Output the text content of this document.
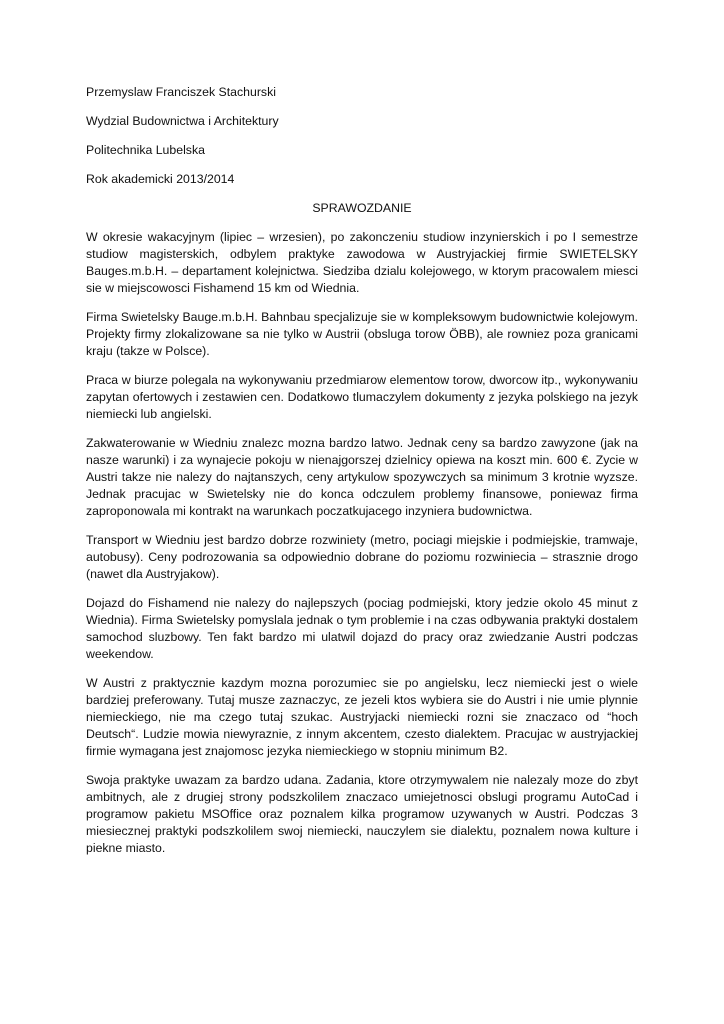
Przemyslaw Franciszek Stachurski

Wydzial Budownictwa i Architektury

Politechnika Lubelska

Rok akademicki 2013/2014

SPRAWOZDANIE

W okresie wakacyjnym (lipiec – wrzesien), po zakonczeniu studiow inzynierskich i po I semestrze studiow magisterskich, odbylem praktyke zawodowa w Austryjackiej firmie SWIETELSKY Bauges.m.b.H. – departament kolejnictwa. Siedziba dzialu kolejowego, w ktorym pracowalem miesci sie w miejscowosci Fishamend 15 km od Wiednia.

Firma Swietelsky Bauge.m.b.H. Bahnbau specjalizuje sie w kompleksowym budownictwie kolejowym. Projekty firmy zlokalizowane sa nie tylko w Austrii (obsluga torow ÖBB), ale rowniez poza granicami kraju (takze w Polsce).

Praca w biurze polegala na wykonywaniu przedmiarow elementow torow, dworcow itp., wykonywaniu zapytan ofertowych i zestawien cen. Dodatkowo tlumaczylem dokumenty z jezyka polskiego na jezyk niemiecki lub angielski.

Zakwaterowanie w Wiedniu znalezc mozna bardzo latwo. Jednak ceny sa bardzo zawyzone (jak na nasze warunki) i za wynajecie pokoju w nienajgorszej dzielnicy opiewa na koszt min. 600 €. Zycie w Austri takze nie nalezy do najtanszych, ceny artykulow spozywczych sa minimum 3 krotnie wyzsze. Jednak pracujac w Swietelsky nie do konca odczulem problemy finansowe, poniewaz firma zaproponowala mi kontrakt na warunkach poczatkujacego inzyniera budownictwa.

Transport w Wiedniu jest bardzo dobrze rozwiniety (metro, pociagi miejskie i podmiejskie, tramwaje, autobusy). Ceny podrozowania sa odpowiednio dobrane do poziomu rozwiniecia – strasznie drogo (nawet dla Austryjakow).

Dojazd do Fishamend nie nalezy do najlepszych (pociag podmiejski, ktory jedzie okolo 45 minut z Wiednia). Firma Swietelsky pomyslala jednak o tym problemie i na czas odbywania praktyki dostalem samochod sluzbowy. Ten fakt bardzo mi ulatwil dojazd do pracy oraz zwiedzanie Austri podczas weekendow.

W Austri z praktycznie kazdym mozna porozumiec sie po angielsku, lecz niemiecki jest o wiele bardziej preferowany. Tutaj musze zaznaczyc, ze jezeli ktos wybiera sie do Austri i nie umie plynnie niemieckiego, nie ma czego tutaj szukac. Austryjacki niemiecki rozni sie znaczaco od “hoch Deutsch“. Ludzie mowia niewyraznie, z innym akcentem, czesto dialektem. Pracujac w austryjackiej firmie wymagana jest znajomosc jezyka niemieckiego w stopniu minimum B2.

Swoja praktyke uwazam za bardzo udana. Zadania, ktore otrzymywalem nie nalezaly moze do zbyt ambitnych, ale z drugiej strony podszkolilem znaczaco umiejetnosci obslugi programu AutoCad i programow pakietu MSOffice oraz poznalem kilka programow uzywanych w Austri. Podczas 3 miesiecznej praktyki podszkolilem swoj niemiecki, nauczylem sie dialektu, poznalem nowa kulture i piekne miasto.
